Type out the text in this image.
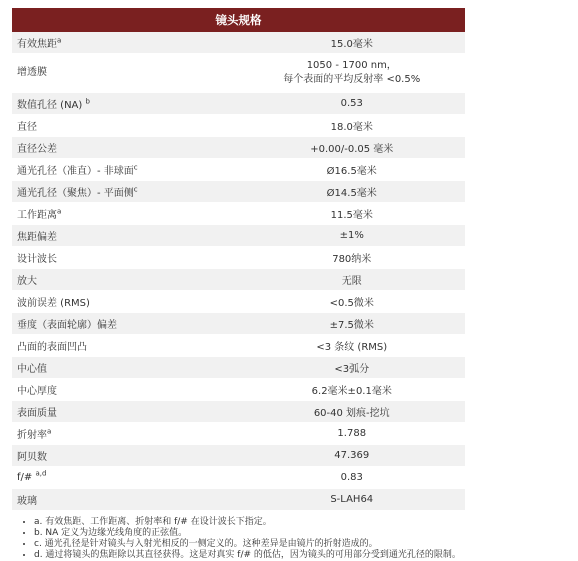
镜头规格	
有效焦距$^a$	15.0毫米
增透膜	1050 - 1700 nm，
每个表面的平均反射率 <0.5%

数值孔径 (NA) $^b$	0.53
直径	18.0毫米
直径公差	+0.00/-0.05 毫米
通光孔径（准直）- 非球面$^c$	Ø16.5毫米
通光孔径（聚焦）- 平面侧$^c$	Ø14.5毫米
工作距离$^a$	11.5毫米
焦距偏差	±1%
设计波长	780纳米
放大	无限
波前误差 (RMS)	<0.5微米
垂度（表面轮廓）偏差	±7.5微米
凸面的表面凹凸	<3 条纹 (RMS)
中心值	<3弧分
中心厚度	6.2毫米±0.1毫米
表面质量	60-40 划痕-挖坑
折射率$^a$	1.788
阿贝数	47.369
f/# $^{a,d}$	0.83
玻璃	S-LAH64
• a. 有效焦距、工作距离、折射率和 f/# 在设计波长下指定。
• b. NA 定义为边缘光线角度的正弦值。
• c. 通光孔径是针对镜头与入射光相反的一侧定义的。这种差异是由镜片的折射造成的。
• d. 通过将镜头的焦距除以其直径获得。这是对真实 f/# 的低估，因为镜头的可用部分受到通光孔径的限制。
